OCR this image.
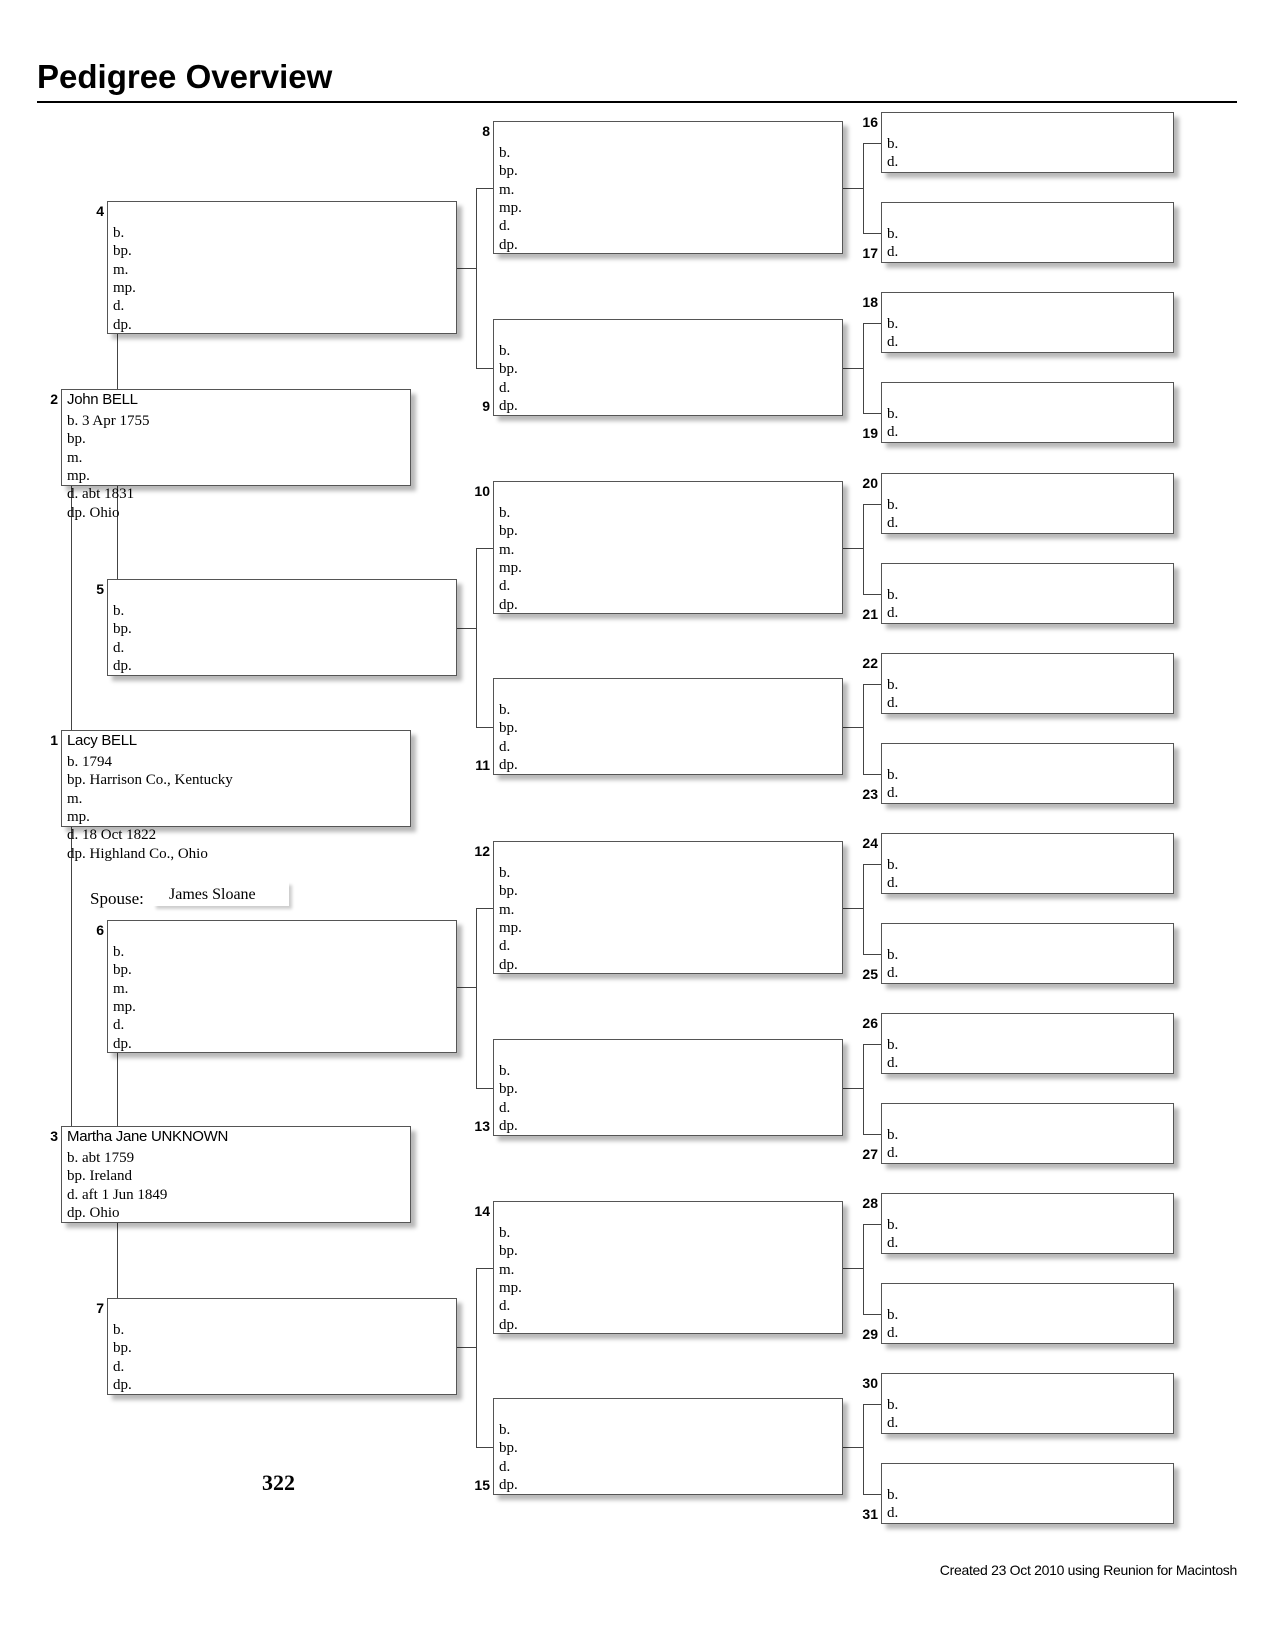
Pedigree Overview
Lacy BELL
b. 1794
bp. Harrison Co., Kentucky
m.
mp.
d. 18 Oct 1822
dp. Highland Co., Ohio
1
John BELL
b. 3 Apr 1755
bp.
m.
mp.
d. abt 1831
dp. Ohio
2
Martha Jane UNKNOWN
b. abt 1759
bp. Ireland
d. aft 1 Jun 1849
dp. Ohio
3
b.
bp.
m.
mp.
d.
dp.
4
b.
bp.
d.
dp.
5
b.
bp.
m.
mp.
d.
dp.
6
b.
bp.
d.
dp.
7
b.
bp.
m.
mp.
d.
dp.
8
b.
bp.
d.
dp.
9
b.
bp.
m.
mp.
d.
dp.
10
b.
bp.
d.
dp.
11
b.
bp.
m.
mp.
d.
dp.
12
b.
bp.
d.
dp.
13
b.
bp.
m.
mp.
d.
dp.
14
b.
bp.
d.
dp.
15
b.
d.
16
b.
d.
17
b.
d.
18
b.
d.
19
b.
d.
20
b.
d.
21
b.
d.
22
b.
d.
23
b.
d.
24
b.
d.
25
b.
d.
26
b.
d.
27
b.
d.
28
b.
d.
29
b.
d.
30
b.
d.
31
Spouse: James Sloane
322
Created 23 Oct 2010 using Reunion for Macintosh
